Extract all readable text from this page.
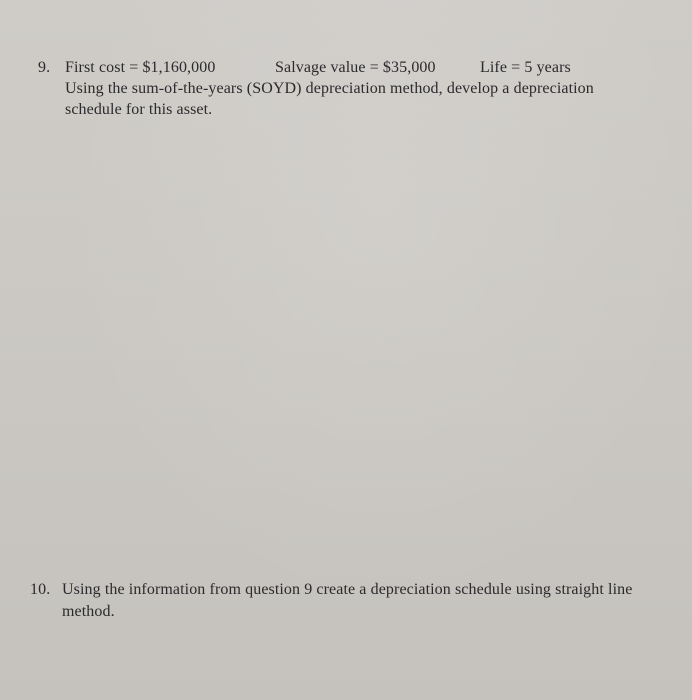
9. First cost = $1,160,000	Salvage value = $35,000	Life = 5 years
Using the sum-of-the-years (SOYD) depreciation method, develop a depreciation
schedule for this asset.
10. Using the information from question 9 create a depreciation schedule using straight line
method.
